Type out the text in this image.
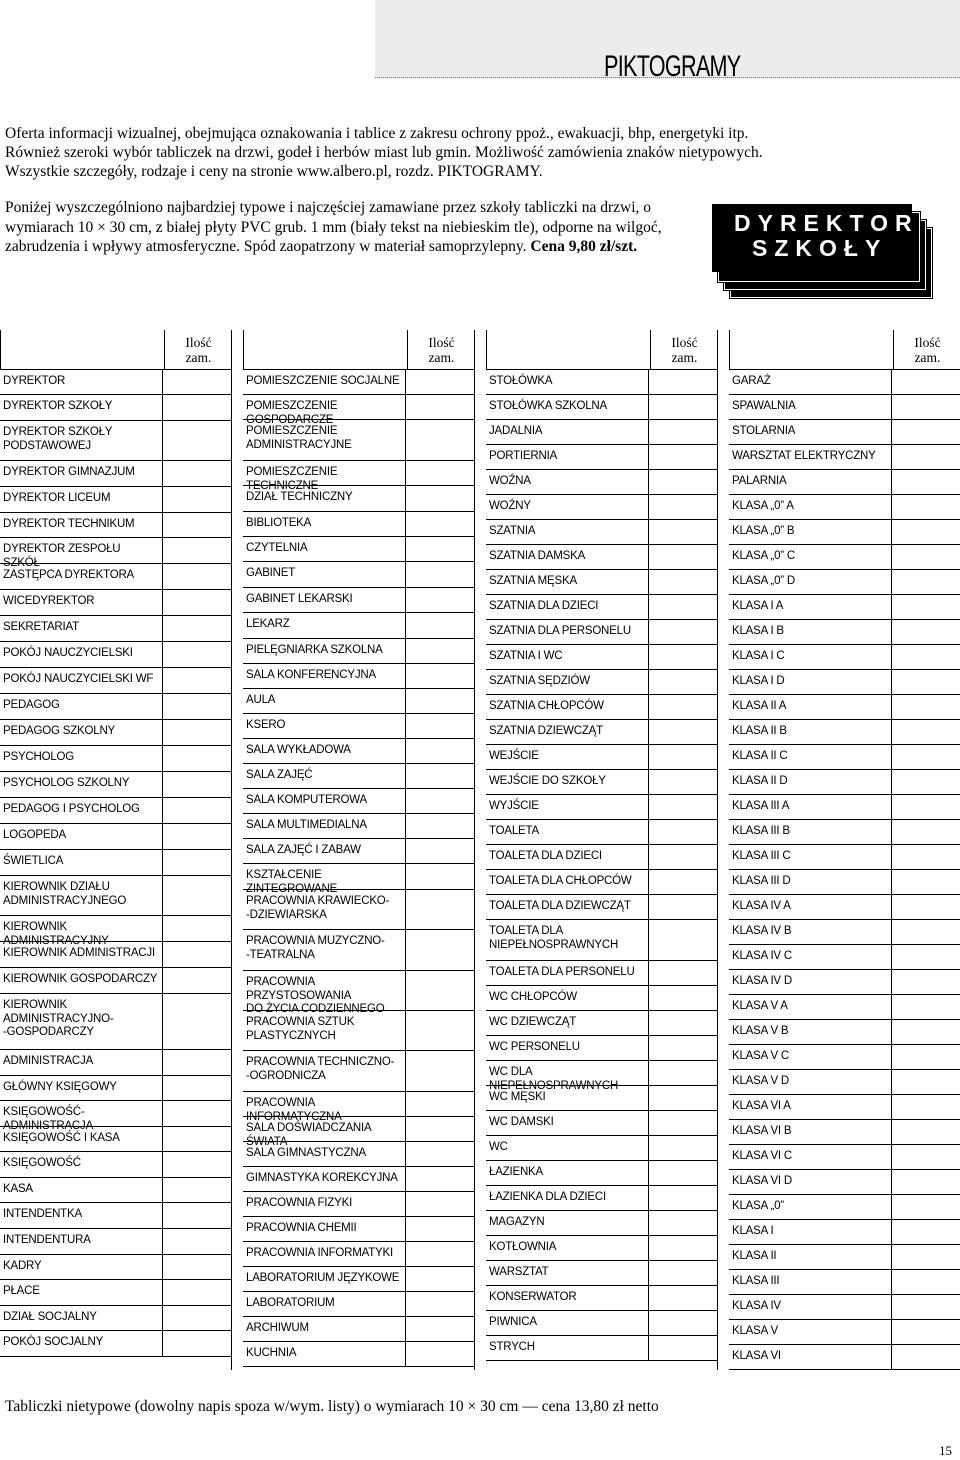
PIKTOGRAMY

Oferta informacji wizualnej, obejmująca oznakowania i tablice z zakresu ochrony ppoż., ewakuacji, bhp, energetyki itp.

Również szeroki wybór tabliczek na drzwi, godeł i herbów miast lub gmin. Możliwość zamówienia znaków nietypowych.

Wszystkie szczegóły, rodzaje i ceny na stronie www.albero.pl, rozdz. PIKTOGRAMY.

Poniżej wyszczególniono najbardziej typowe i najczęściej zamawiane przez szkoły tabliczki na drzwi, o wymiarach 10 × 30 cm, z białej płyty PVC grub. 1 mm (biały tekst na niebieskim tle), odporne na wilgoć, zabrudzenia i wpływy atmosferyczne. Spód zaopatrzony w materiał samoprzylepny. Cena 9,80 zł/szt.
DYREKTOR
SZKOŁY
Ilość
zam.
DYREKTOR
DYREKTOR SZKOŁY
DYREKTOR SZKOŁY
PODSTAWOWEJ
DYREKTOR GIMNAZJUM
DYREKTOR LICEUM
DYREKTOR TECHNIKUM
DYREKTOR ZESPOŁU SZKÓŁ
ZASTĘPCA DYREKTORA
WICEDYREKTOR
SEKRETARIAT
POKÓJ NAUCZYCIELSKI
POKÓJ NAUCZYCIELSKI WF
PEDAGOG
PEDAGOG SZKOLNY
PSYCHOLOG
PSYCHOLOG SZKOLNY
PEDAGOG I PSYCHOLOG
LOGOPEDA
ŚWIETLICA
KIEROWNIK DZIAŁU
ADMINISTRACYJNEGO
KIEROWNIK ADMINISTRACYJNY
KIEROWNIK ADMINISTRACJI
KIEROWNIK GOSPODARCZY
KIEROWNIK
ADMINISTRACYJNO-
-GOSPODARCZY
ADMINISTRACJA
GŁÓWNY KSIĘGOWY
KSIĘGOWOŚĆ-ADMINISTRACJA
KSIĘGOWOŚĆ I KASA
KSIĘGOWOŚĆ
KASA
INTENDENTKA
INTENDENTURA
KADRY
PŁACE
DZIAŁ SOCJALNY
POKÓJ SOCJALNY
Ilość
zam.
POMIESZCZENIE SOCJALNE
POMIESZCZENIE GOSPODARCZE
POMIESZCZENIE
ADMINISTRACYJNE
POMIESZCZENIE TECHNICZNE
DZIAŁ TECHNICZNY
BIBLIOTEKA
CZYTELNIA
GABINET
GABINET LEKARSKI
LEKARZ
PIELĘGNIARKA SZKOLNA
SALA KONFERENCYJNA
AULA
KSERO
SALA WYKŁADOWA
SALA ZAJĘĆ
SALA KOMPUTEROWA
SALA MULTIMEDIALNA
SALA ZAJĘĆ I ZABAW
KSZTAŁCENIE ZINTEGROWANE
PRACOWNIA KRAWIECKO-
-DZIEWIARSKA
PRACOWNIA MUZYCZNO-
-TEATRALNA
PRACOWNIA PRZYSTOSOWANIA
DO ŻYCIA CODZIENNEGO
PRACOWNIA SZTUK
PLASTYCZNYCH
PRACOWNIA TECHNICZNO-
-OGRODNICZA
PRACOWNIA INFORMATYCZNA
SALA DOŚWIADCZANIA ŚWIATA
SALA GIMNASTYCZNA
GIMNASTYKA KOREKCYJNA
PRACOWNIA FIZYKI
PRACOWNIA CHEMII
PRACOWNIA INFORMATYKI
LABORATORIUM JĘZYKOWE
LABORATORIUM
ARCHIWUM
KUCHNIA
Ilość
zam.
STOŁÓWKA
STOŁÓWKA SZKOLNA
JADALNIA
PORTIERNIA
WOŹNA
WOŹNY
SZATNIA
SZATNIA DAMSKA
SZATNIA MĘSKA
SZATNIA DLA DZIECI
SZATNIA DLA PERSONELU
SZATNIA I WC
SZATNIA SĘDZIÓW
SZATNIA CHŁOPCÓW
SZATNIA DZIEWCZĄT
WEJŚCIE
WEJŚCIE DO SZKOŁY
WYJŚCIE
TOALETA
TOALETA DLA DZIECI
TOALETA DLA CHŁOPCÓW
TOALETA DLA DZIEWCZĄT
TOALETA DLA
NIEPEŁNOSPRAWNYCH
TOALETA DLA PERSONELU
WC CHŁOPCÓW
WC DZIEWCZĄT
WC PERSONELU
WC DLA NIEPEŁNOSPRAWNYCH
WC MĘSKI
WC DAMSKI
WC
ŁAZIENKA
ŁAZIENKA DLA DZIECI
MAGAZYN
KOTŁOWNIA
WARSZTAT
KONSERWATOR
PIWNICA
STRYCH
Ilość
zam.
GARAŻ
SPAWALNIA
STOLARNIA
WARSZTAT ELEKTRYCZNY
PALARNIA
KLASA „0” A
KLASA „0” B
KLASA „0” C
KLASA „0” D
KLASA I A
KLASA I B
KLASA I C
KLASA I D
KLASA II A
KLASA II B
KLASA II C
KLASA II D
KLASA III A
KLASA III B
KLASA III C
KLASA III D
KLASA IV A
KLASA IV B
KLASA IV C
KLASA IV D
KLASA V A
KLASA V B
KLASA V C
KLASA V D
KLASA VI A
KLASA VI B
KLASA VI C
KLASA VI D
KLASA „0”
KLASA I
KLASA II
KLASA III
KLASA IV
KLASA V
KLASA VI

Tabliczki nietypowe (dowolny napis spoza w/wym. listy) o wymiarach 10 × 30 cm — cena 13,80 zł netto

15
